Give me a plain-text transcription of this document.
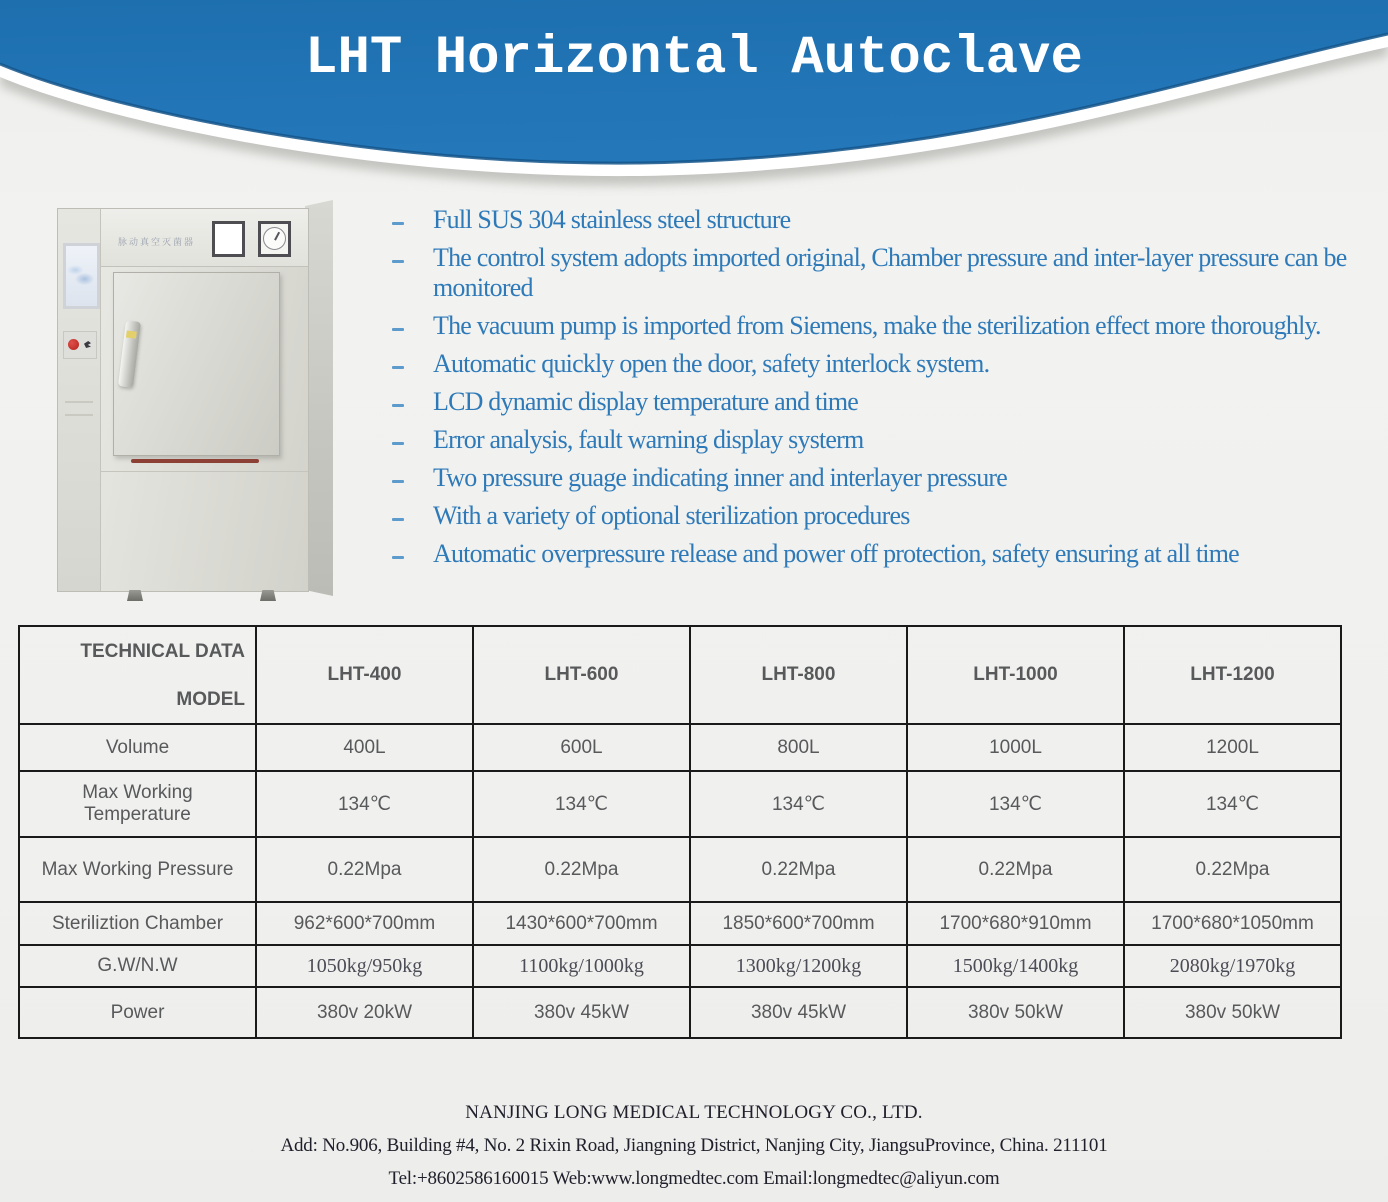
LHT Horizontal Autoclave
脉动真空灭菌器
Full SUS 304 stainless steel structure
The control system adopts imported original, Chamber pressure and inter-layer pressure can be monitored
The vacuum pump is imported from Siemens, make the sterilization effect more thoroughly.
Automatic quickly open the door, safety interlock system.
LCD dynamic display temperature and time
Error analysis, fault warning display systerm
Two pressure guage indicating inner and interlayer pressure
With a variety of optional sterilization procedures
Automatic overpressure release and power off protection, safety ensuring at all time
TECHNICAL DATA
MODEL	LHT-400	LHT-600	LHT-800	LHT-1000	LHT-1200
Volume	400L	600L	800L	1000L	1200L
Max Working Temperature	134℃	134℃	134℃	134℃	134℃
Max Working Pressure	0.22Mpa	0.22Mpa	0.22Mpa	0.22Mpa	0.22Mpa
Steriliztion Chamber	962*600*700mm	1430*600*700mm	1850*600*700mm	1700*680*910mm	1700*680*1050mm
G.W/N.W	1050kg/950kg	1100kg/1000kg	1300kg/1200kg	1500kg/1400kg	2080kg/1970kg
Power	380v 20kW	380v 45kW	380v 45kW	380v 50kW	380v 50kW
NANJING LONG MEDICAL TECHNOLOGY CO., LTD.
Add: No.906, Building #4, No. 2 Rixin Road, Jiangning District, Nanjing City, JiangsuProvince, China. 211101
Tel:+8602586160015 Web:www.longmedtec.com Email:longmedtec@aliyun.com
